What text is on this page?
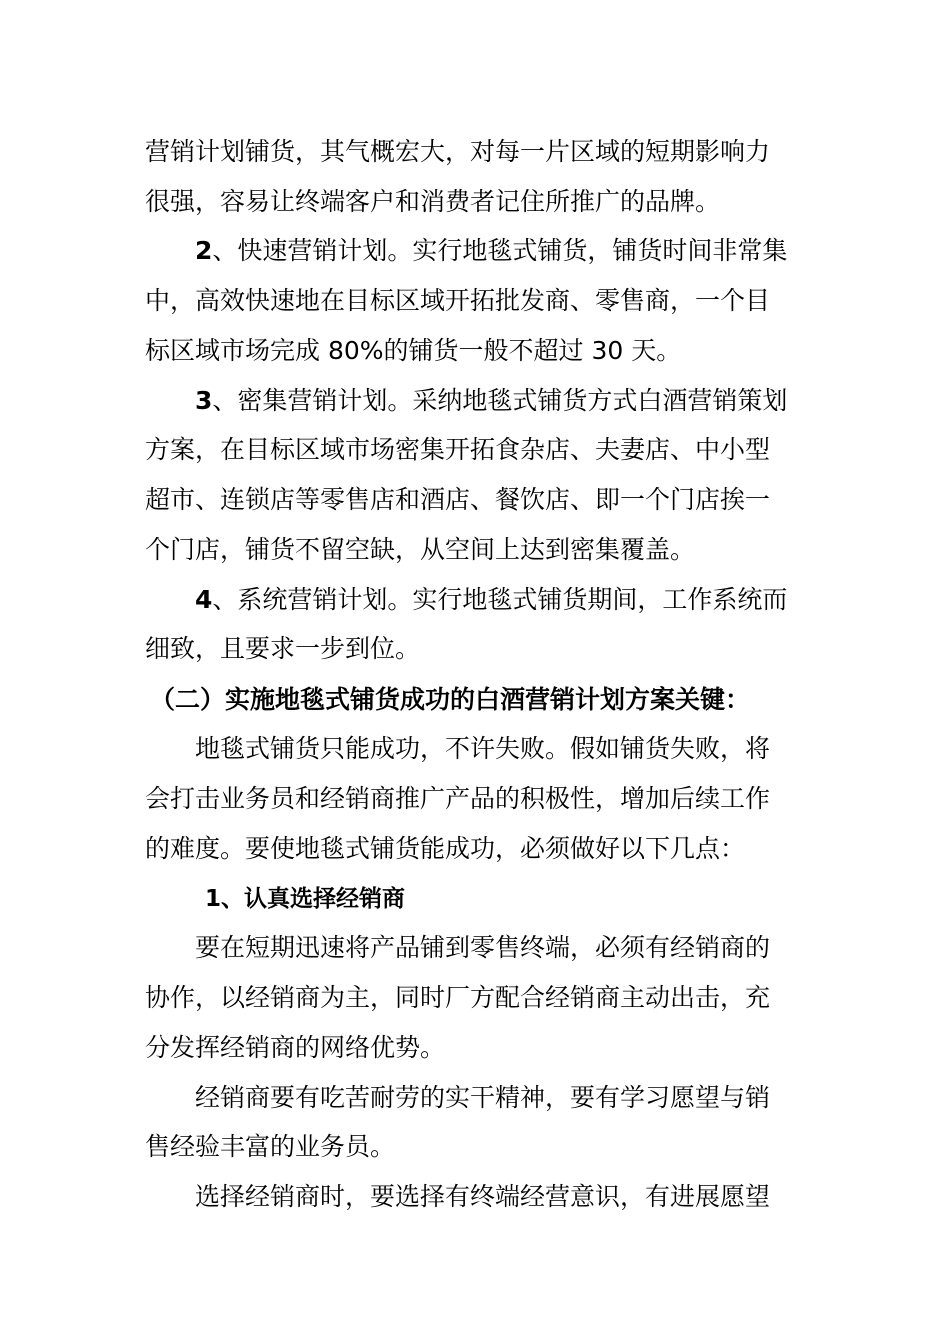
营销计划铺货，其气概宏大，对每一片区域的短期影响力
很强，容易让终端客户和消费者记住所推广的品牌。
2、快速营销计划。实行地毯式铺货，铺货时间非常集
中，高效快速地在目标区域开拓批发商、零售商，一个目
标区域市场完成 80%的铺货一般不超过 30 天。
3、密集营销计划。采纳地毯式铺货方式白酒营销策划
方案，在目标区域市场密集开拓食杂店、夫妻店、中小型
超市、连锁店等零售店和酒店、餐饮店、即一个门店挨一
个门店，铺货不留空缺，从空间上达到密集覆盖。
4、系统营销计划。实行地毯式铺货期间，工作系统而
细致，且要求一步到位。
（二）实施地毯式铺货成功的白酒营销计划方案关键：
地毯式铺货只能成功，不许失败。假如铺货失败，将
会打击业务员和经销商推广产品的积极性，增加后续工作
的难度。要使地毯式铺货能成功，必须做好以下几点：
1、认真选择经销商
要在短期迅速将产品铺到零售终端，必须有经销商的
协作，以经销商为主，同时厂方配合经销商主动出击，充
分发挥经销商的网络优势。
经销商要有吃苦耐劳的实干精神，要有学习愿望与销
售经验丰富的业务员。
选择经销商时，要选择有终端经营意识，有进展愿望
